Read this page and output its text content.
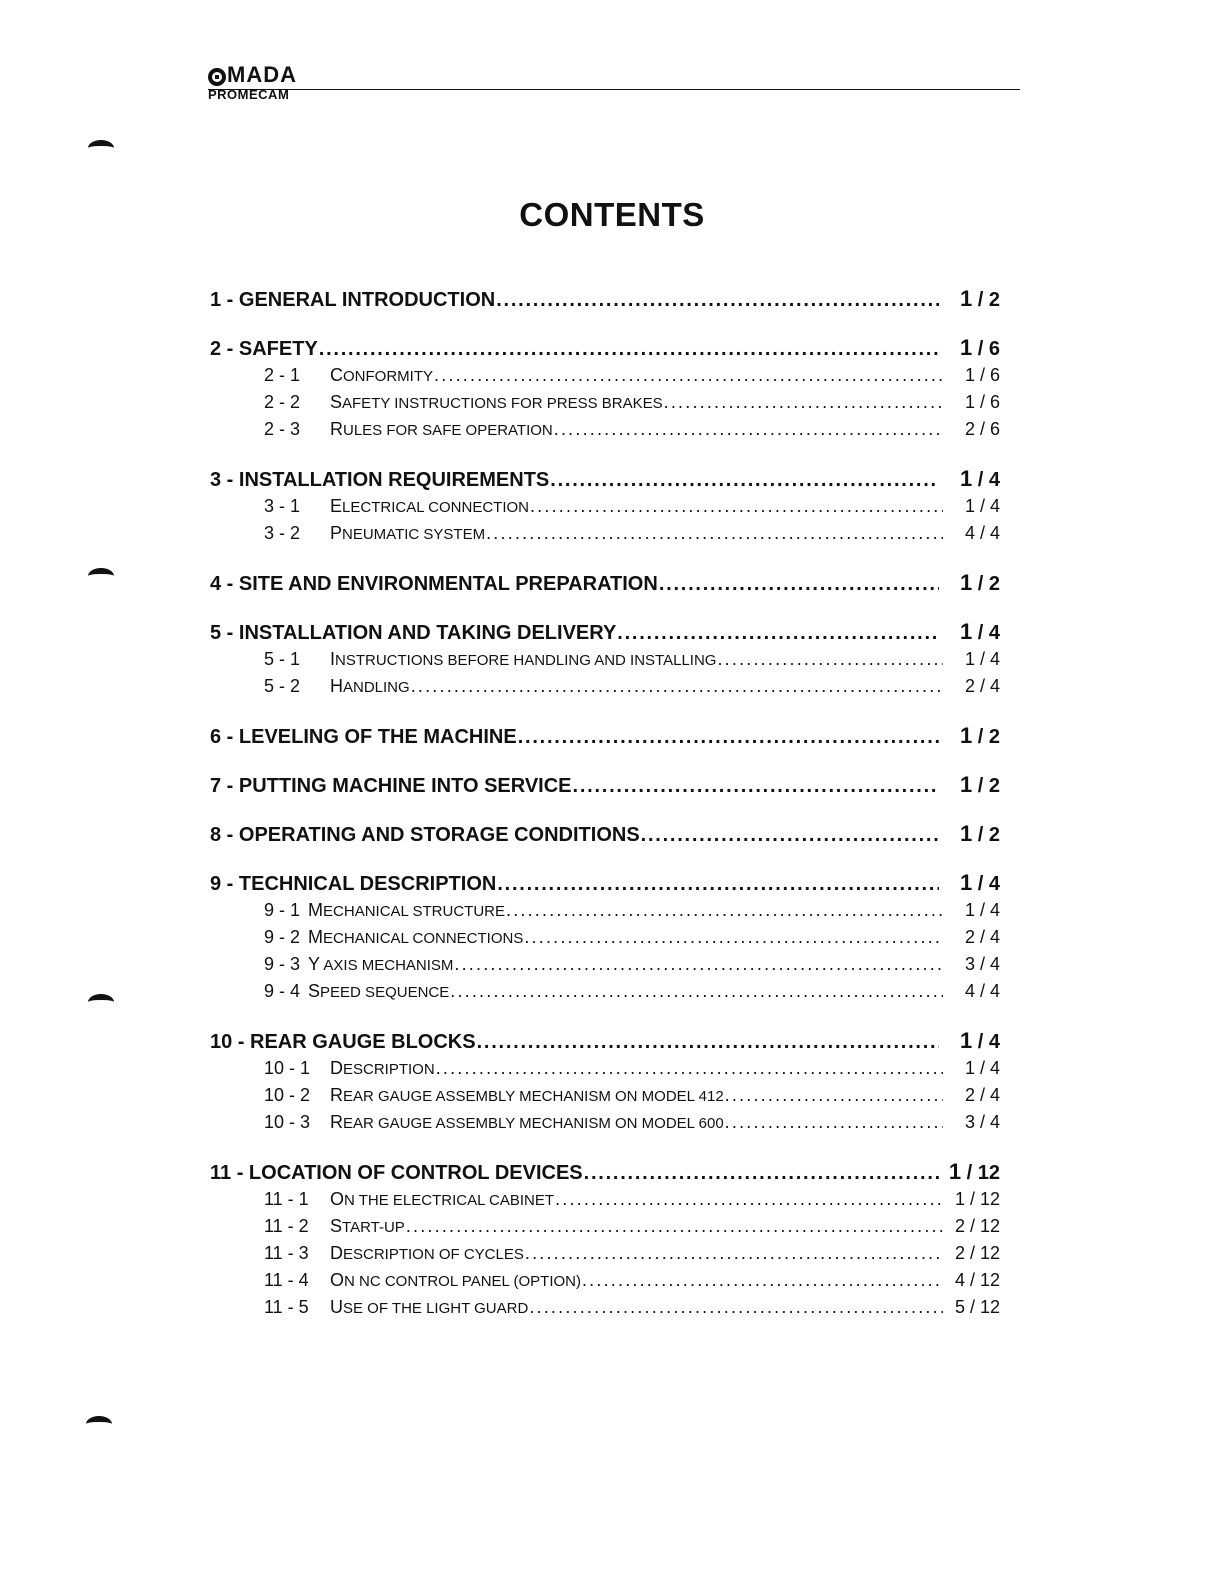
MADA
PROMECAM
CONTENTS
1 - GENERAL INTRODUCTION . . .	1 / 2
2 - SAFETY . . .	1 / 6
2 - 1 CONFORMITY . . .	1 / 6
2 - 2 SAFETY INSTRUCTIONS FOR PRESS BRAKES . . .	1 / 6
2 - 3 RULES FOR SAFE OPERATION . . .	2 / 6
3 - INSTALLATION REQUIREMENTS . . .	1 / 4
3 - 1 ELECTRICAL CONNECTION . . .	1 / 4
3 - 2 PNEUMATIC SYSTEM . . .	4 / 4
4 - SITE AND ENVIRONMENTAL PREPARATION . . .	1 / 2
5 - INSTALLATION AND TAKING DELIVERY . . .	1 / 4
5 - 1 INSTRUCTIONS BEFORE HANDLING AND INSTALLING . . .	1 / 4
5 - 2 HANDLING . . .	2 / 4
6 - LEVELING OF THE MACHINE . . .	1 / 2
7 - PUTTING MACHINE INTO SERVICE . . .	1 / 2
8 - OPERATING AND STORAGE CONDITIONS . . .	1 / 2
9 - TECHNICAL DESCRIPTION . . .	1 / 4
9 - 1 MECHANICAL STRUCTURE . . .	1 / 4
9 - 2 MECHANICAL CONNECTIONS . . .	2 / 4
9 - 3 Y AXIS MECHANISM . . .	3 / 4
9 - 4 SPEED SEQUENCE . . .	4 / 4
10 - REAR GAUGE BLOCKS . . .	1 / 4
10 - 1 DESCRIPTION . . .	1 / 4
10 - 2 REAR GAUGE ASSEMBLY MECHANISM ON MODEL 412 . . .	2 / 4
10 - 3 REAR GAUGE ASSEMBLY MECHANISM ON MODEL 600 . . .	3 / 4
11 - LOCATION OF CONTROL DEVICES . . .	1 / 12
11 - 1 ON THE ELECTRICAL CABINET . . .	1 / 12
11 - 2 START-UP . . .	2 / 12
11 - 3 DESCRIPTION OF CYCLES . . .	2 / 12
11 - 4 ON NC CONTROL PANEL (OPTION) . . .	4 / 12
11 - 5 USE OF THE LIGHT GUARD . . .	5 / 12
